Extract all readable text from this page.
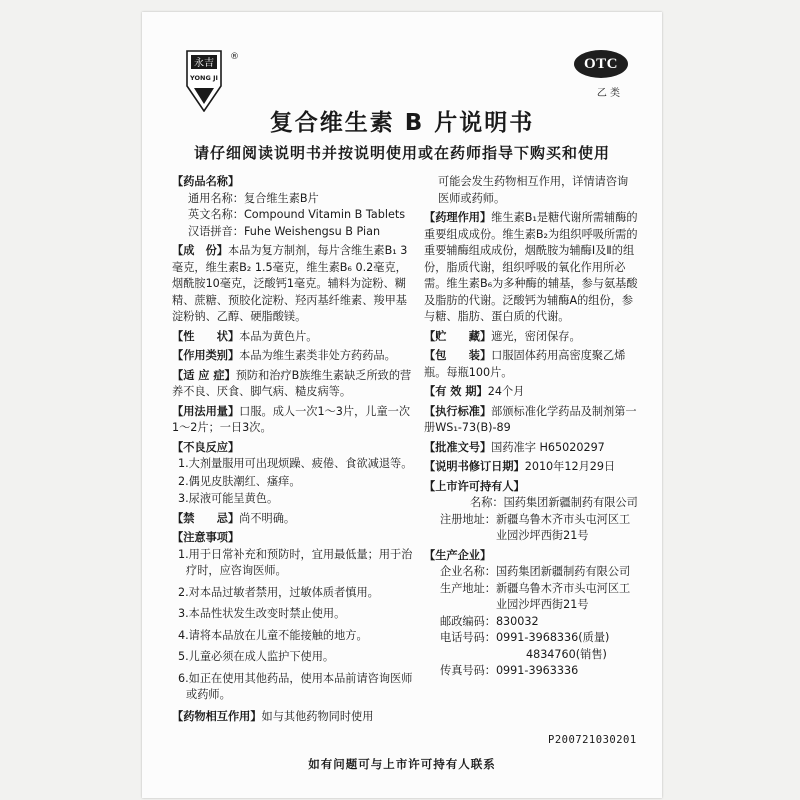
永吉
YONG JI
®	OTC
乙 类
复合维生素 B 片说明书
请仔细阅读说明书并按说明使用或在药师指导下购买和使用
【药品名称】
通用名称：复合维生素B片
英文名称：Compound Vitamin B Tablets
汉语拼音：Fuhe Weishengsu B Pian
【成　份】本品为复方制剂，每片含维生素B₁ 3毫克，维生素B₂ 1.5毫克，维生素B₆ 0.2毫克，烟酰胺10毫克，泛酸钙1毫克。辅料为淀粉、糊精、蔗糖、预胶化淀粉、羟丙基纤维素、羧甲基淀粉钠、乙醇、硬脂酸镁。
【性　　状】本品为黄色片。
【作用类别】本品为维生素类非处方药药品。
【适 应 症】预防和治疗B族维生素缺乏所致的营养不良、厌食、脚气病、糙皮病等。
【用法用量】口服。成人一次1～3片，儿童一次1～2片；一日3次。
【不良反应】
1.大剂量服用可出现烦躁、疲倦、食欲减退等。
2.偶见皮肤潮红、瘙痒。
3.尿液可能呈黄色。
【禁　　忌】尚不明确。
【注意事项】
1.用于日常补充和预防时，宜用最低量；用于治疗时，应咨询医师。
2.对本品过敏者禁用，过敏体质者慎用。
3.本品性状发生改变时禁止使用。
4.请将本品放在儿童不能接触的地方。
5.儿童必须在成人监护下使用。
6.如正在使用其他药品，使用本品前请咨询医师或药师。
【药物相互作用】如与其他药物同时使用
可能会发生药物相互作用，详情请咨询医师或药师。
【药理作用】维生素B₁是糖代谢所需辅酶的重要组成成份。维生素B₂为组织呼吸所需的重要辅酶组成成份，烟酰胺为辅酶Ⅰ及Ⅱ的组份，脂质代谢，组织呼吸的氧化作用所必需。维生素B₆为多种酶的辅基，参与氨基酸及脂肪的代谢。泛酸钙为辅酶A的组份，参与糖、脂肪、蛋白质的代谢。
【贮　　藏】遮光，密闭保存。
【包　　装】口服固体药用高密度聚乙烯瓶。每瓶100片。
【有 效 期】24个月
【执行标准】部颁标准化学药品及制剂第一册WS₁-73(B)-89
【批准文号】国药准字 H65020297
【说明书修订日期】2010年12月29日
【上市许可持有人】
名称：国药集团新疆制药有限公司
注册地址： 新疆乌鲁木齐市头屯河区工业园沙坪西街21号
【生产企业】
企业名称：国药集团新疆制药有限公司
生产地址： 新疆乌鲁木齐市头屯河区工业园沙坪西街21号
邮政编码：830032
电话号码： 0991-3968336(质量)
4834760(销售)
传真号码：0991-3963336
P200721030201
如有问题可与上市许可持有人联系
